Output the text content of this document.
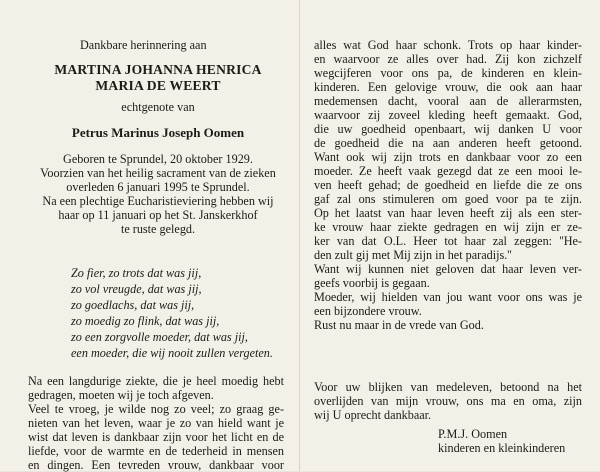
Dankbare herinnering aan
MARTINA JOHANNA HENRICA
MARIA DE WEERT
echtgenote van
Petrus Marinus Joseph Oomen
Geboren te Sprundel, 20 oktober 1929.
Voorzien van het heilig sacrament van de zieken
overleden 6 januari 1995 te Sprundel.
Na een plechtige Eucharistieviering hebben wij
haar op 11 januari op het St. Janskerkhof
te ruste gelegd.
Zo fier, zo trots dat was jij,
zo vol vreugde, dat was jij,
zo goedlachs, dat was jij,
zo moedig zo flink, dat was jij,
zo een zorgvolle moeder, dat was jij,
een moeder, die wij nooit zullen vergeten.
Na een langdurige ziekte, die je heel moedig hebt
gedragen, moeten wij je toch afgeven.
Veel te vroeg, je wilde nog zo veel; zo graag ge-
nieten van het leven, waar je zo van hield want je
wist dat leven is dankbaar zijn voor het licht en de
liefde, voor de warmte en de tederheid in mensen
en dingen. Een tevreden vrouw, dankbaar voor
alles wat God haar schonk. Trots op haar kinder-
en waarvoor ze alles over had. Zij kon zichzelf
wegcijferen voor ons pa, de kinderen en klein-
kinderen. Een gelovige vrouw, die ook aan haar
medemensen dacht, vooral aan de allerarmsten,
waarvoor zij zoveel kleding heeft gemaakt. God,
die uw goedheid openbaart, wij danken U voor
de goedheid die na aan anderen heeft getoond.
Want ook wij zijn trots en dankbaar voor zo een
moeder. Ze heeft vaak gezegd dat ze een mooi le-
ven heeft gehad; de goedheid en liefde die ze ons
gaf zal ons stimuleren om goed voor pa te zijn.
Op het laatst van haar leven heeft zij als een ster-
ke vrouw haar ziekte gedragen en wij zijn er ze-
ker van dat O.L. Heer tot haar zal zeggen: ''He-
den zult gij met Mij zijn in het paradijs.''
Want wij kunnen niet geloven dat haar leven ver-
geefs voorbij is gegaan.
Moeder, wij hielden van jou want voor ons was je
een bijzondere vrouw.
Rust nu maar in de vrede van God.
Voor uw blijken van medeleven, betoond na het
overlijden van mijn vrouw, ons ma en oma, zijn
wij U oprecht dankbaar.
P.M.J. Oomen
kinderen en kleinkinderen
